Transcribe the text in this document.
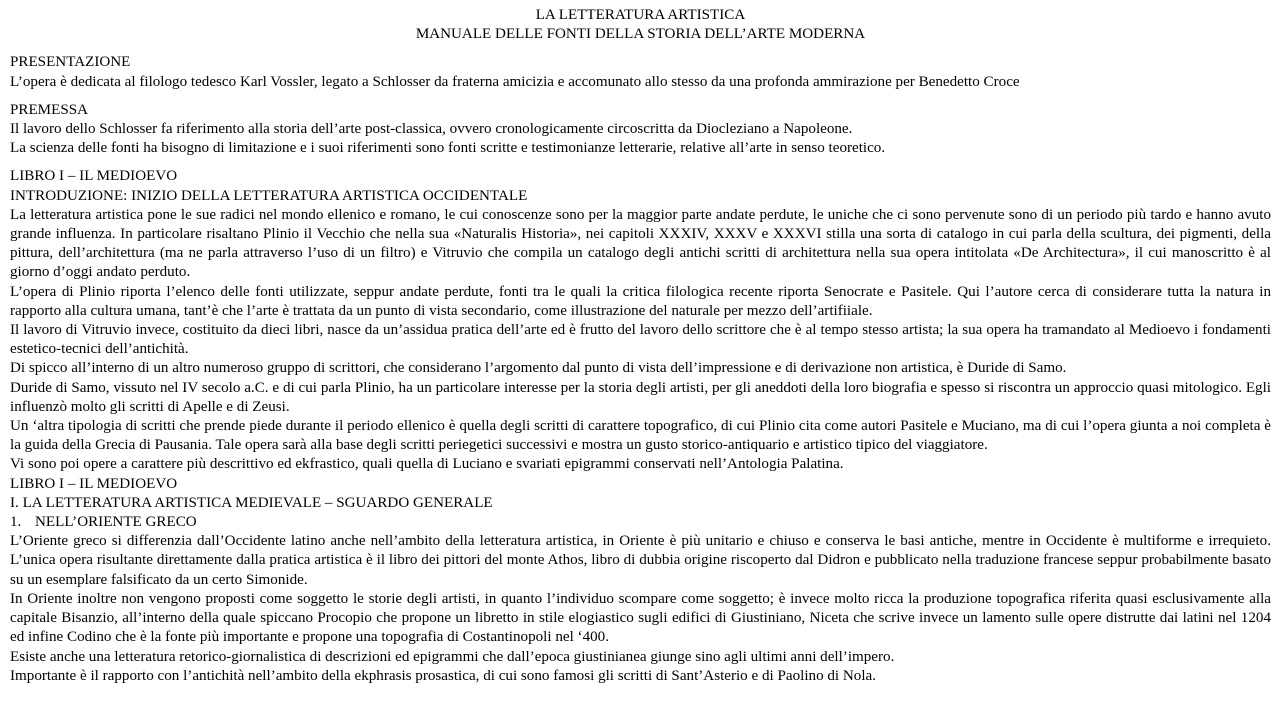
LA LETTERATURA ARTISTICA
MANUALE DELLE FONTI DELLA STORIA DELL’ARTE MODERNA
PRESENTAZIONE
L’opera è dedicata al filologo tedesco Karl Vossler, legato a Schlosser da fraterna amicizia e accomunato allo stesso da una profonda ammirazione per Benedetto Croce
PREMESSA
Il lavoro dello Schlosser fa riferimento alla storia dell’arte post-classica, ovvero cronologicamente circoscritta da Diocleziano a Napoleone.
La scienza delle fonti ha bisogno di limitazione e i suoi riferimenti sono fonti scritte e testimonianze letterarie, relative all’arte in senso teoretico.
LIBRO I – IL MEDIOEVO
INTRODUZIONE: INIZIO DELLA LETTERATURA ARTISTICA OCCIDENTALE
La letteratura artistica pone le sue radici nel mondo ellenico e romano, le cui conoscenze sono per la maggior parte andate perdute, le uniche che ci sono pervenute sono di un periodo più tardo e hanno avuto grande influenza. In particolare risaltano Plinio il Vecchio che nella sua «Naturalis Historia», nei capitoli XXXIV, XXXV e XXXVI stilla una sorta di catalogo in cui parla della scultura, dei pigmenti, della pittura, dell’architettura (ma ne parla attraverso l’uso di un filtro) e Vitruvio che compila un catalogo degli antichi scritti di architettura nella sua opera intitolata «De Architectura», il cui manoscritto è al giorno d’oggi andato perduto.
L’opera di Plinio riporta l’elenco delle fonti utilizzate, seppur andate perdute, fonti tra le quali la critica filologica recente riporta Senocrate e Pasitele. Qui l’autore cerca di considerare tutta la natura in rapporto alla cultura umana, tant’è che l’arte è trattata da un punto di vista secondario, come illustrazione del naturale per mezzo dell’artifiiale.
Il lavoro di Vitruvio invece, costituito da dieci libri, nasce da un’assidua pratica dell’arte ed è frutto del lavoro dello scrittore che è al tempo stesso artista; la sua opera ha tramandato al Medioevo i fondamenti estetico-tecnici dell’antichità.
Di spicco all’interno di un altro numeroso gruppo di scrittori, che considerano l’argomento dal punto di vista dell’impressione e di derivazione non artistica, è Duride di Samo.
Duride di Samo, vissuto nel IV secolo a.C. e di cui parla Plinio, ha un particolare interesse per la storia degli artisti, per gli aneddoti della loro biografia e spesso si riscontra un approccio quasi mitologico. Egli influenzò molto gli scritti di Apelle e di Zeusi.
Un ‘altra tipologia di scritti che prende piede durante il periodo ellenico è quella degli scritti di carattere topografico, di cui Plinio cita come autori Pasitele e Muciano, ma di cui l’opera giunta a noi completa è la guida della Grecia di Pausania. Tale opera sarà alla base degli scritti periegetici successivi e mostra un gusto storico-antiquario e artistico tipico del viaggiatore.
Vi sono poi opere a carattere più descrittivo ed ekfrastico, quali quella di Luciano e svariati epigrammi conservati nell’Antologia Palatina.
LIBRO I – IL MEDIOEVO
I. LA LETTERATURA ARTISTICA MEDIEVALE – SGUARDO GENERALE
1. NELL’ORIENTE GRECO
L’Oriente greco si differenzia dall’Occidente latino anche nell’ambito della letteratura artistica, in Oriente è più unitario e chiuso e conserva le basi antiche, mentre in Occidente è multiforme e irrequieto. L’unica opera risultante direttamente dalla pratica artistica è il libro dei pittori del monte Athos, libro di dubbia origine riscoperto dal Didron e pubblicato nella traduzione francese seppur probabilmente basato su un esemplare falsificato da un certo Simonide.
In Oriente inoltre non vengono proposti come soggetto le storie degli artisti, in quanto l’individuo scompare come soggetto; è invece molto ricca la produzione topografica riferita quasi esclusivamente alla capitale Bisanzio, all’interno della quale spiccano Procopio che propone un libretto in stile elogiastico sugli edifici di Giustiniano, Niceta che scrive invece un lamento sulle opere distrutte dai latini nel 1204 ed infine Codino che è la fonte più importante e propone una topografia di Costantinopoli nel ‘400.
Esiste anche una letteratura retorico-giornalistica di descrizioni ed epigrammi che dall’epoca giustinianea giunge sino agli ultimi anni dell’impero.
Importante è il rapporto con l’antichità nell’ambito della ekphrasis prosastica, di cui sono famosi gli scritti di Sant’Asterio e di Paolino di Nola.
